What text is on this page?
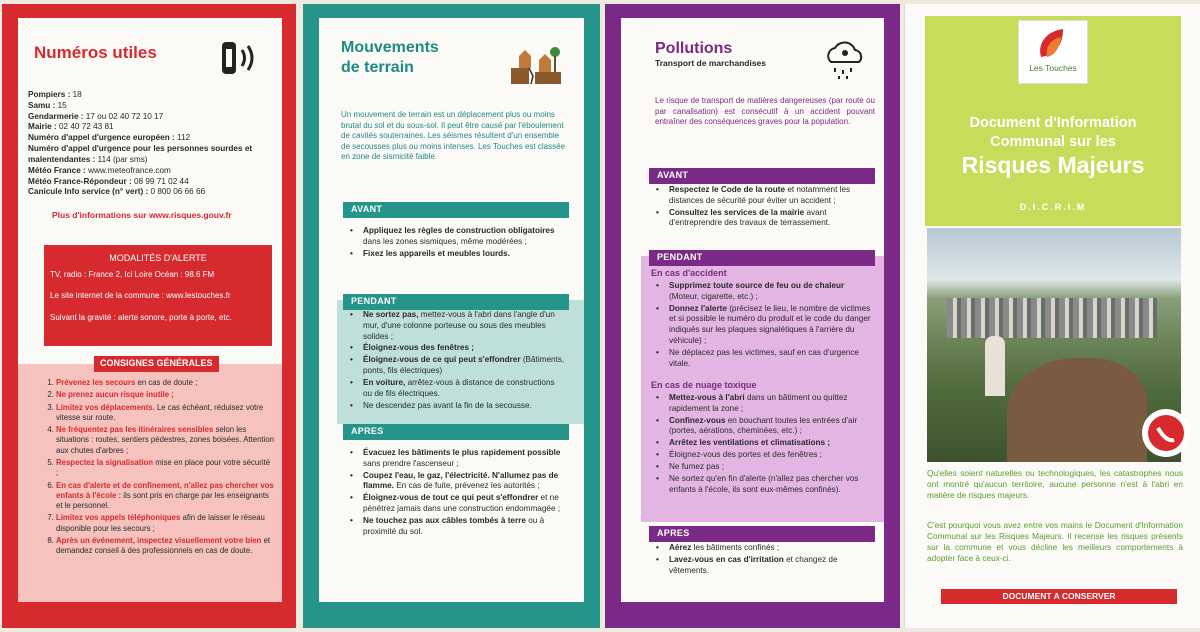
Numéros utiles
Pompiers : 18
Samu : 15
Gendarmerie : 17 ou 02 40 72 10 17
Mairie : 02 40 72 43 81
Numéro d'appel d'urgence européen : 112
Numéro d'appel d'urgence pour les personnes sourdes et malentendantes : 114 (par sms)
Météo France : www.meteofrance.com
Météo France-Répondeur : 08 99 71 02 44
Canicule Info service (n° vert) : 0 800 06 66 66
Plus d'informations sur www.risques.gouv.fr
MODALITÉS D'ALERTE
TV, radio : France 2, Ici Loire Océan : 98.6 FM
Le site internet de la commune : www.lestouches.fr
Suivant la gravité : alerte sonore, porte à porte, etc.
CONSIGNES GÉNÉRALES
1. Prévenez les secours en cas de doute ;
2. Ne prenez aucun risque inutile ;
3. Limitez vos déplacements. Le cas échéant, réduisez votre vitesse sur route.
4. Ne fréquentez pas les itinéraires sensibles selon les situations : routes, sentiers pédestres, zones boisées. Attention aux chutes d'arbres ;
5. Respectez la signalisation mise en place pour votre sécurité ;
6. En cas d'alerte et de confinement, n'allez pas chercher vos enfants à l'école : ils sont pris en charge par les enseignants et le personnel.
7. Limitez vos appels téléphoniques afin de laisser le réseau disponible pour les secours ;
8. Après un événement, inspectez visuellement votre bien et demandez conseil à des professionnels en cas de doute.
Mouvements
de terrain
Un mouvement de terrain est un déplacement plus ou moins brutal du sol et du sous-sol. Il peut être causé par l'éboulement de cavités souterraines. Les séismes résultent d'un ensemble de secousses plus ou moins intenses. Les Touches est classée en zone de sismicité faible.
AVANT
• Appliquez les règles de construction obligatoires dans les zones sismiques, même modérées ;
• Fixez les appareils et meubles lourds.
PENDANT
• Ne sortez pas, mettez-vous à l'abri dans l'angle d'un mur, d'une colonne porteuse ou sous des meubles solides ;
• Éloignez-vous des fenêtres ;
• Éloignez-vous de ce qui peut s'effondrer (Bâtiments, ponts, fils électriques)
• En voiture, arrêtez-vous à distance de constructions ou de fils électriques.
• Ne descendez pas avant la fin de la secousse.
APRES
• Évacuez les bâtiments le plus rapidement possible sans prendre l'ascenseur ;
• Coupez l'eau, le gaz, l'électricité. N'allumez pas de flamme. En cas de fuite, prévenez les autorités ;
• Éloignez-vous de tout ce qui peut s'effondrer et ne pénétrez jamais dans une construction endommagée ;
• Ne touchez pas aux câbles tombés à terre ou à proximité du sol.
Pollutions
Transport de marchandises
Le risque de transport de matières dangereuses (par route ou par canalisation) est consécutif à un accident pouvant entraîner des conséquences graves pour la population.
AVANT
• Respectez le Code de la route et notamment les distances de sécurité pour éviter un accident ;
• Consultez les services de la mairie avant d'entreprendre des travaux de terrassement.
PENDANT
En cas d'accident
• Supprimez toute source de feu ou de chaleur (Moteur, cigarette, etc.) ;
• Donnez l'alerte (précisez le lieu, le nombre de victimes et si possible le numéro du produit et le code du danger indiqués sur les plaques signalétiques à l'arrière du véhicule) ;
• Ne déplacez pas les victimes, sauf en cas d'urgence vitale.
En cas de nuage toxique
• Mettez-vous à l'abri dans un bâtiment ou quittez rapidement la zone ;
• Confinez-vous en bouchant toutes les entrées d'air (portes, aérations, cheminées, etc.) ;
• Arrêtez les ventilations et climatisations ;
• Éloignez-vous des portes et des fenêtres ;
• Ne fumez pas ;
• Ne sortez qu'en fin d'alerte (n'allez pas chercher vos enfants à l'école, ils sont eux-mêmes confinés).
APRES
• Aérez les bâtiments confinés ;
• Lavez-vous en cas d'irritation et changez de vêtements.
Les Touches
Document d'Information
Communal sur les
Risques Majeurs
D.I.C.R.I.M
Qu'elles soient naturelles ou technologiques, les catastrophes nous ont montré qu'aucun territoire, aucune personne n'est à l'abri en matière de risques majeurs.
C'est pourquoi vous avez entre vos mains le Document d'Information Communal sur les Risques Majeurs. Il recense les risques présents sur la commune et vous décline les meilleurs comportements à adopter face à ceux-ci.
DOCUMENT A CONSERVER
